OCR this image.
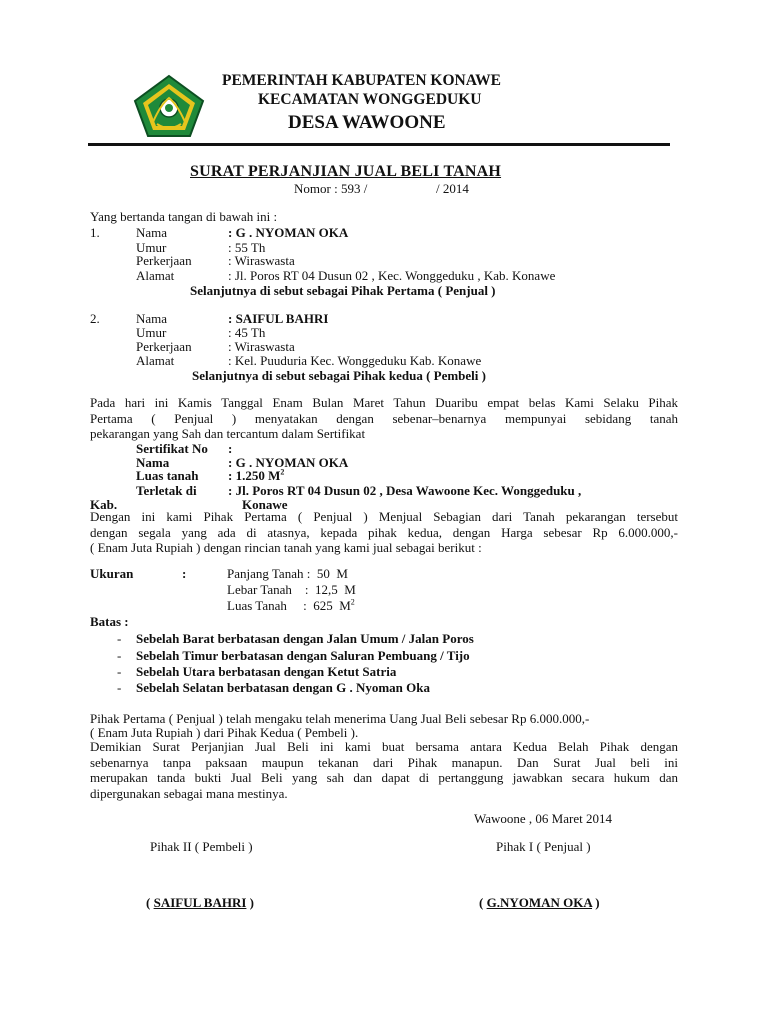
PEMERINTAH KABUPATEN KONAWE
KECAMATAN WONGGEDUKU
DESA WAWOONE
SURAT PERJANJIAN JUAL BELI TANAH
Nomor : 593 /	/ 2014
Yang bertanda tangan di bawah ini :
1.	Nama	: G . NYOMAN OKA
Umur	: 55 Th
Perkerjaan	: Wiraswasta
Alamat	: Jl. Poros RT 04 Dusun 02 , Kec. Wonggeduku , Kab. Konawe
Selanjutnya di sebut sebagai Pihak Pertama ( Penjual )
2.	Nama	: SAIFUL BAHRI
Umur	: 45 Th
Perkerjaan	: Wiraswasta
Alamat	: Kel. Puuduria Kec. Wonggeduku Kab. Konawe
Selanjutnya di sebut sebagai Pihak kedua ( Pembeli )
Pada hari ini Kamis Tanggal Enam Bulan Maret Tahun Duaribu empat belas Kami Selaku Pihak
Pertama ( Penjual ) menyatakan dengan sebenar–benarnya mempunyai sebidang tanah
pekarangan yang Sah dan tercantum dalam Sertifikat
Sertifikat No :
Nama	: G . NYOMAN OKA
Luas tanah : 1.250 $M^2$
Terletak di : Jl. Poros RT 04 Dusun 02 , Desa Wawoone Kec. Wonggeduku ,
Kab.	Konawe
Dengan ini kami Pihak Pertama ( Penjual ) Menjual Sebagian dari Tanah pekarangan tersebut
dengan segala yang ada di atasnya, kepada pihak kedua, dengan Harga sebesar Rp 6.000.000,-
( Enam Juta Rupiah ) dengan rincian tanah yang kami jual sebagai berikut :
Ukuran	:	Panjang Tanah :  50  M
Lebar Tanah    :  12,5  M
Luas Tanah     :  625  $M^2$
Batas :
- Sebelah Barat berbatasan dengan Jalan Umum / Jalan Poros
- Sebelah Timur berbatasan dengan Saluran Pembuang / Tijo
- Sebelah Utara berbatasan dengan Ketut Satria
- Sebelah Selatan berbatasan dengan G . Nyoman Oka
Pihak Pertama ( Penjual ) telah mengaku telah menerima Uang Jual Beli sebesar Rp 6.000.000,-
( Enam Juta Rupiah ) dari Pihak Kedua ( Pembeli ).
Demikian Surat Perjanjian Jual Beli ini kami buat bersama antara Kedua Belah Pihak dengan
sebenarnya tanpa paksaan maupun tekanan dari Pihak manapun. Dan Surat Jual beli ini
merupakan tanda bukti Jual Beli yang sah dan dapat di pertanggung jawabkan secara hukum dan
dipergunakan sebagai mana mestinya.
Wawoone , 06 Maret 2014
Pihak II ( Pembeli )	Pihak I ( Penjual )
( SAIFUL BAHRI )	( G.NYOMAN OKA )
